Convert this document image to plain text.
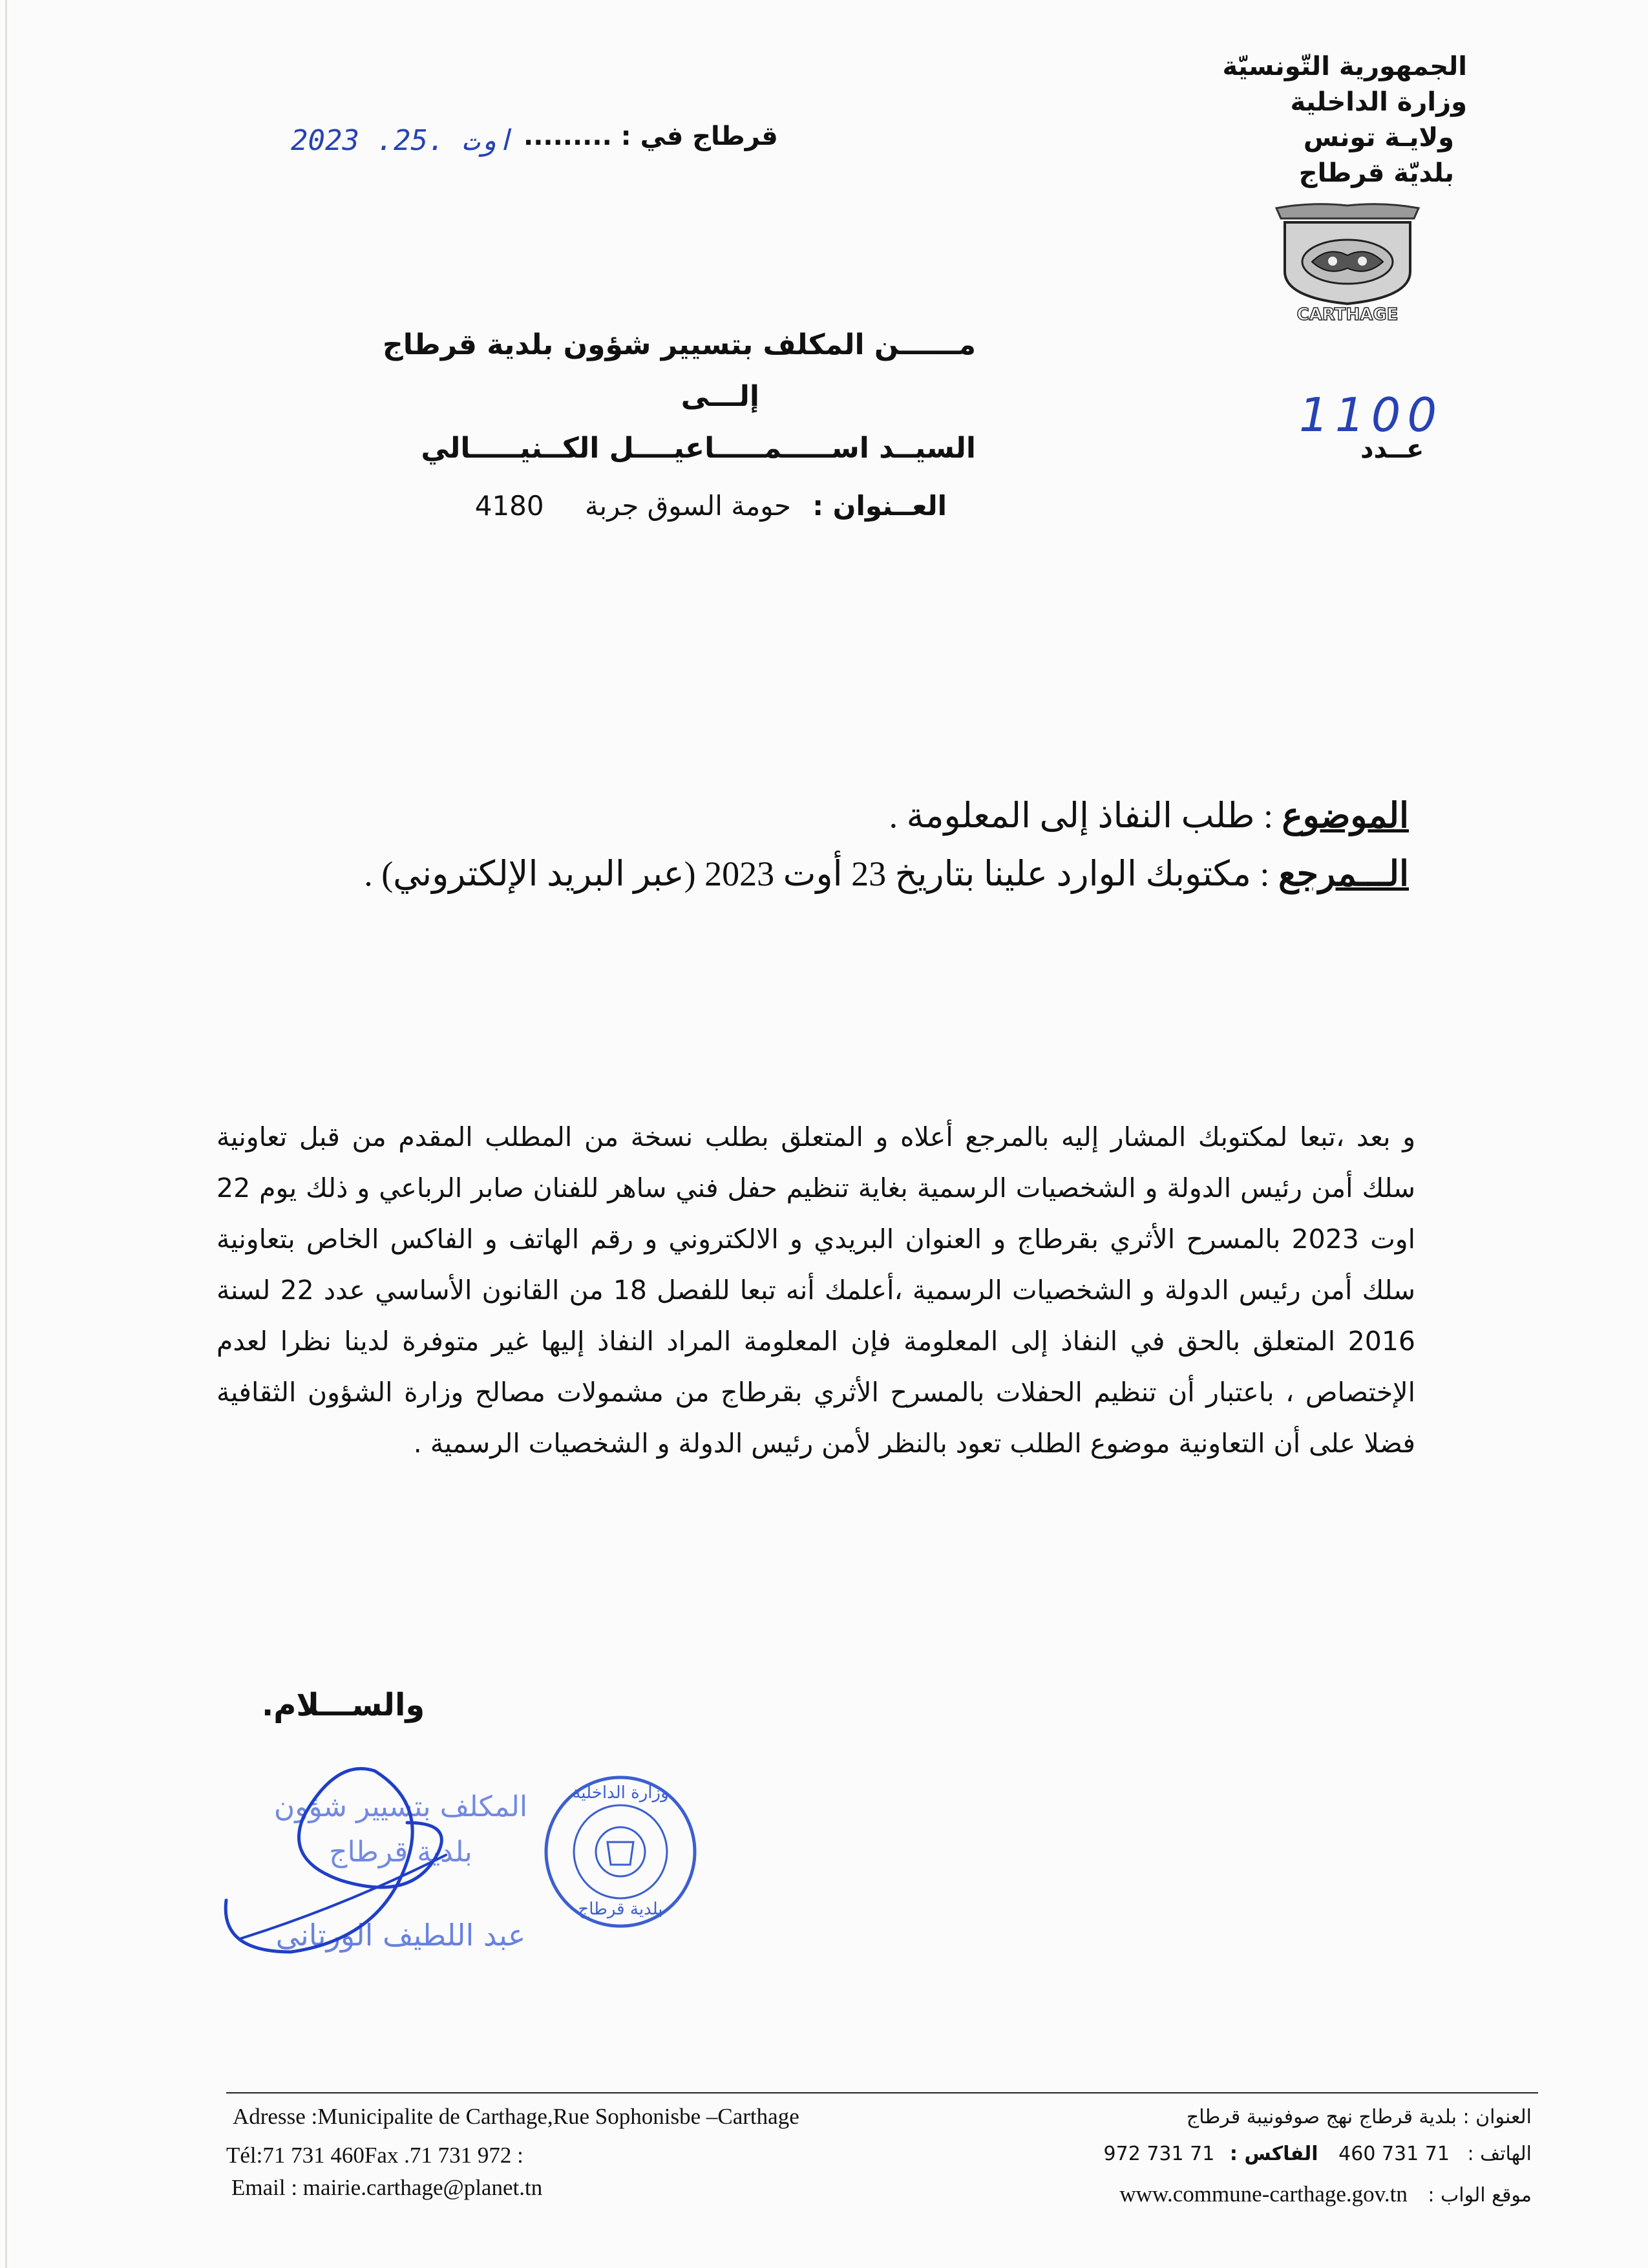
الجمهورية التّونسيّة
وزارة الداخلية
ولايـة تونس
بلديّة قرطاج
CARTHAGE
قرطاج في : .........
2023 .اوت .25
1100
عــدد
مــــــن المكلف بتسيير شؤون بلدية قرطاج
إلـــى
السيــد اســـــمـــــاعيــــل الكــنيـــــالي
العــنوان : حومة السوق جربة 4180
الموضوع : طلب النفاذ إلى المعلومة .
الـــمرجع : مكتوبك الوارد علينا بتاريخ 23 أوت 2023 (عبر البريد الإلكتروني) .
و بعد ،تبعا لمكتوبك المشار إليه بالمرجع أعلاه و المتعلق بطلب نسخة من المطلب المقدم من قبل تعاونية سلك أمن رئيس الدولة و الشخصيات الرسمية بغاية تنظيم حفل فني ساهر للفنان صابر الرباعي و ذلك يوم 22 اوت 2023 بالمسرح الأثري بقرطاج و العنوان البريدي و الالكتروني و رقم الهاتف و الفاكس الخاص بتعاونية سلك أمن رئيس الدولة و الشخصيات الرسمية ،أعلمك أنه تبعا للفصل 18 من القانون الأساسي عدد 22 لسنة 2016 المتعلق بالحق في النفاذ إلى المعلومة فإن المعلومة المراد النفاذ إليها غير متوفرة لدينا نظرا لعدم الإختصاص ، باعتبار أن تنظيم الحفلات بالمسرح الأثري بقرطاج من مشمولات مصالح وزارة الشؤون الثقافية فضلا على أن التعاونية موضوع الطلب تعود بالنظر لأمن رئيس الدولة و الشخصيات الرسمية .
والســـلام.
وزارة الداخلية
بلدية قرطاج
المكلف بتسيير شؤون
بلدية قرطاج
عبد اللطيف الورتاني
Adresse :Municipalite de Carthage,Rue Sophonisbe –Carthage
Tél:71 731 460Fax .71 731 972 :
Email : mairie.carthage@planet.tn
العنوان : بلدية قرطاج نهج صوفونيبة قرطاج
الهاتف : 71 731 460 الفاكس : 71 731 972
موقع الواب : www.commune-carthage.gov.tn
